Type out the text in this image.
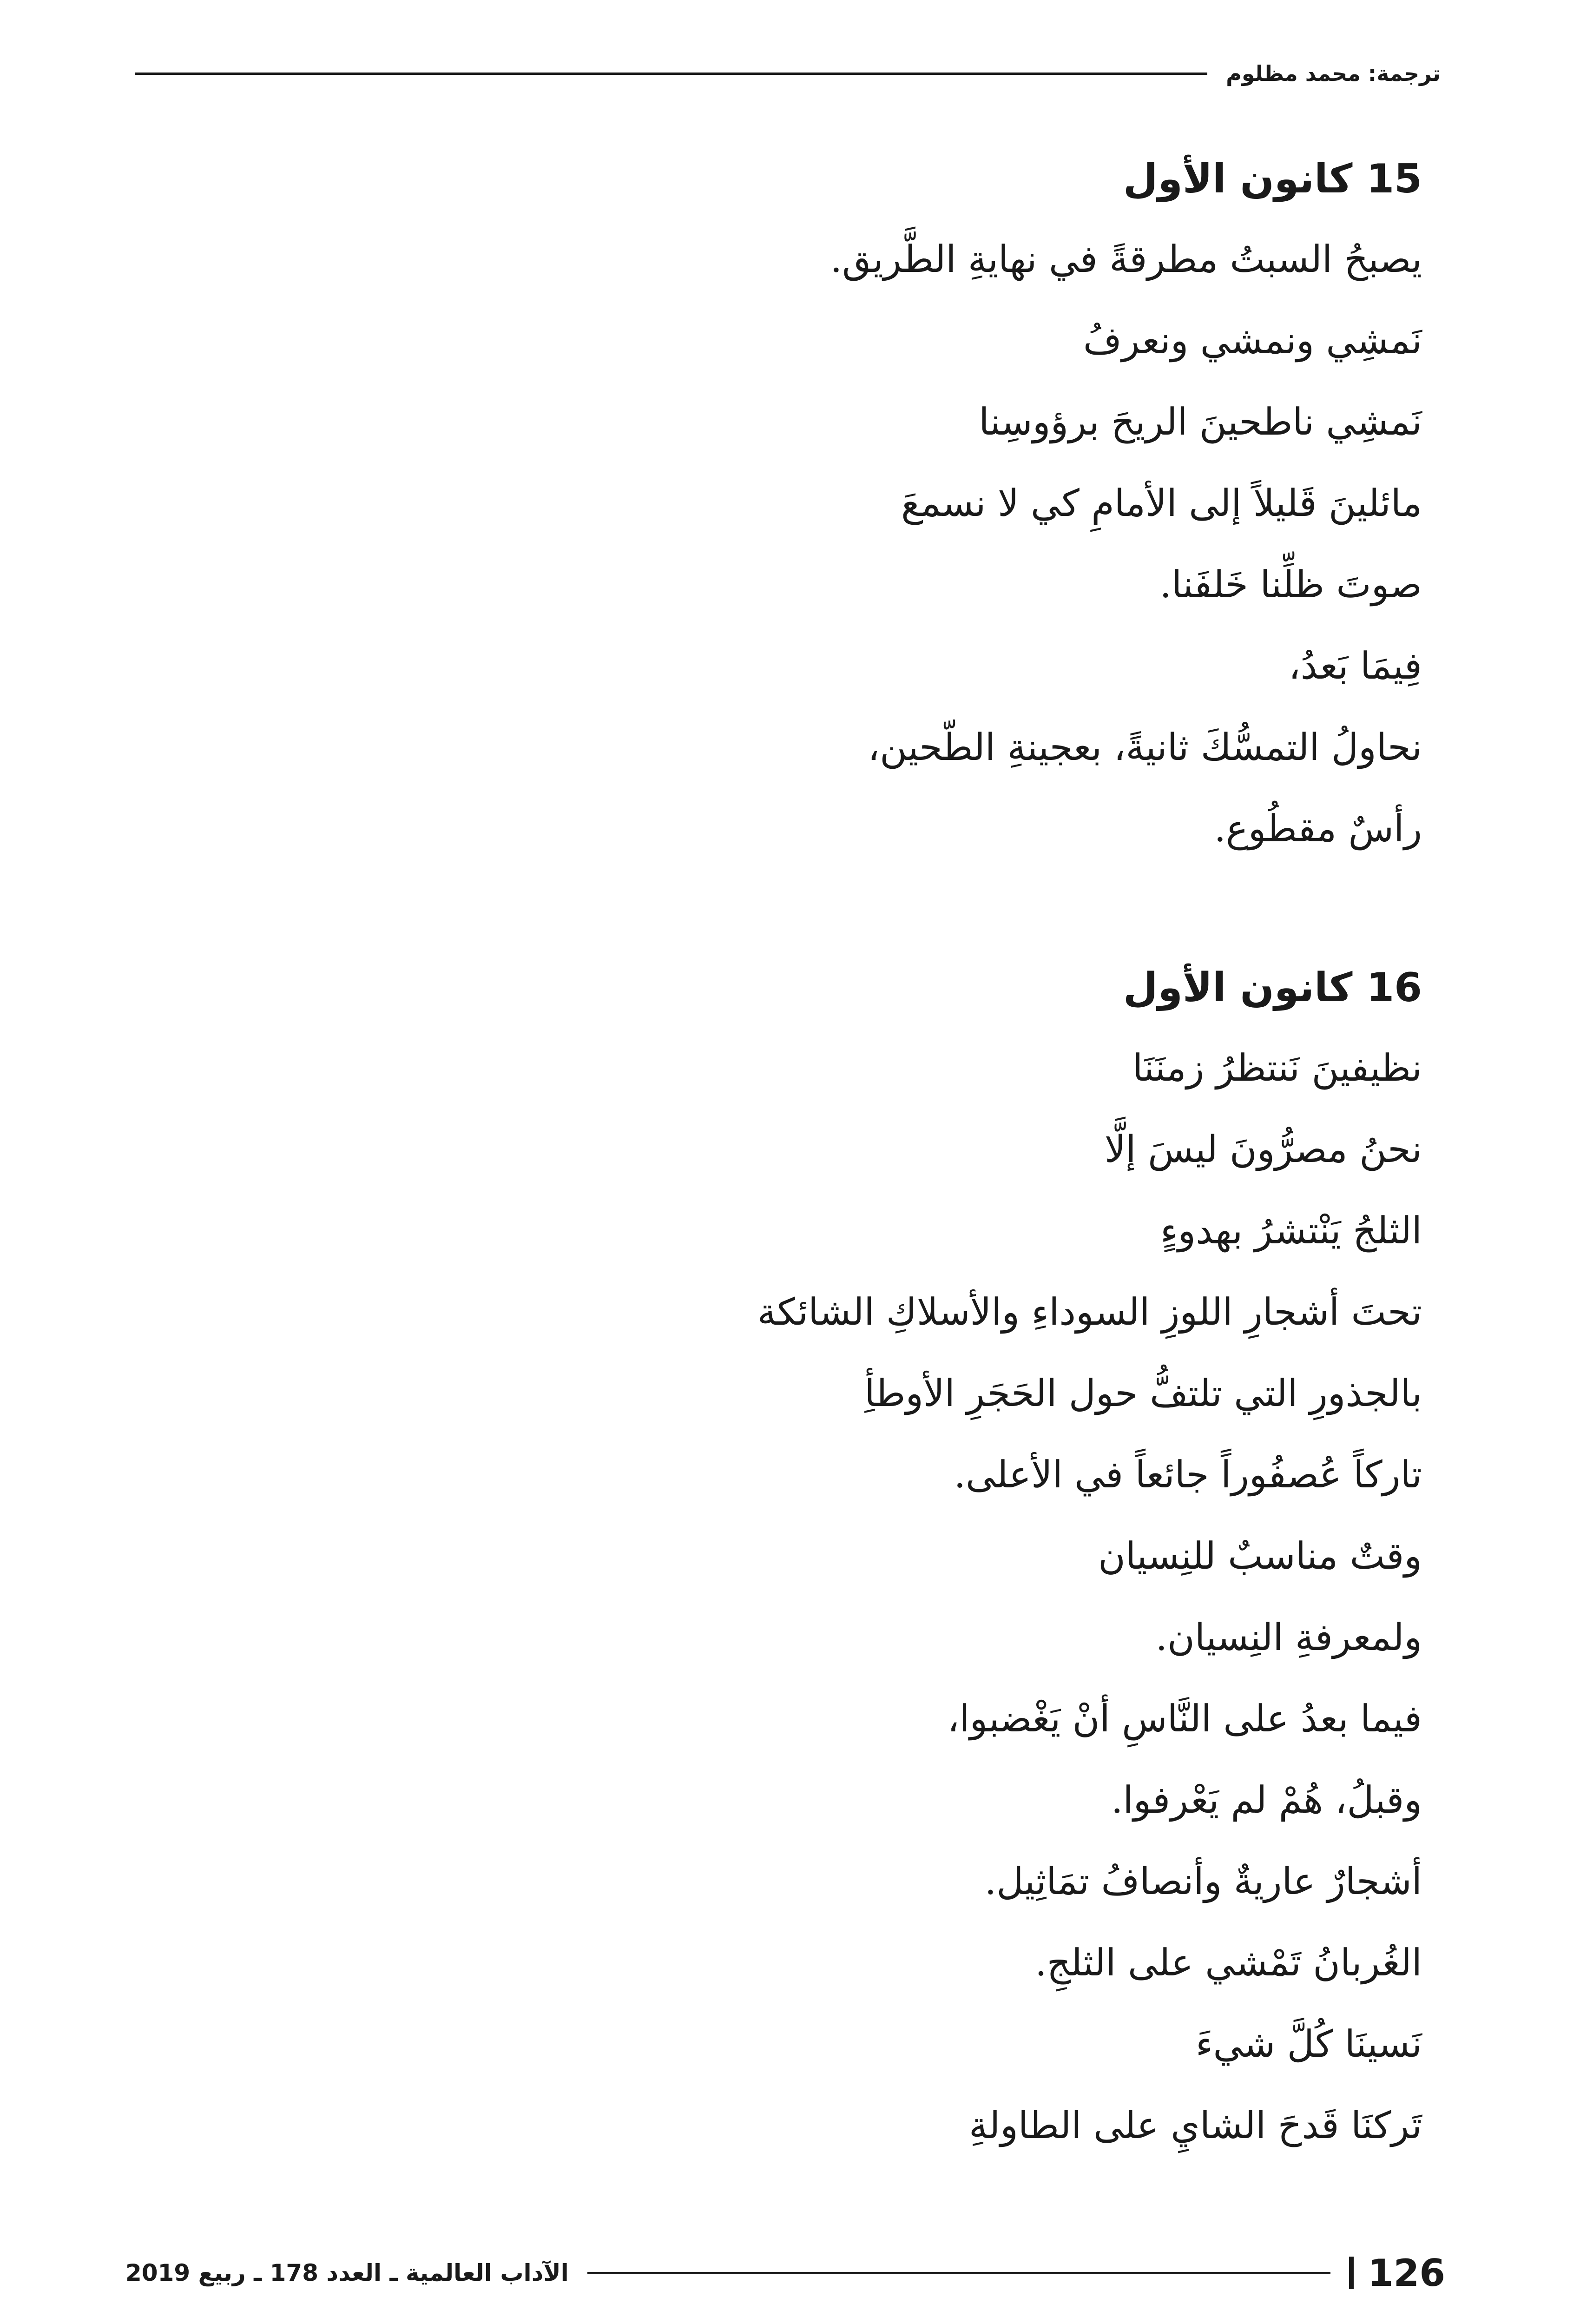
ترجمة: محمد مظلوم
15 كانون الأول
يصبحُ السبتُ مطرقةً في نهايةِ الطَّريق.
نَمشِي ونمشي ونعرفُ
نَمشِي ناطحينَ الريحَ برؤوسِنا
مائلينَ قَليلاً إلى الأمامِ كي لا نسمعَ
صوتَ ظلِّنا خَلفَنا.
فِيمَا بَعدُ،
نحاولُ التمسُّكَ ثانيةً، بعجينةِ الطّحين،
رأسٌ مقطُوع.
16 كانون الأول
نظيفينَ نَنتظرُ زمنَنَا
نحنُ مصرُّونَ ليسَ إلَّا
الثلجُ يَنْتشرُ بهدوءٍ
تحتَ أشجارِ اللوزِ السوداءِ والأسلاكِ الشائكة
بالجذورِ التي تلتفُّ حول الحَجَرِ الأوطأِ
تاركاً عُصفُوراً جائعاً في الأعلى.
وقتٌ مناسبٌ للنِسيان
ولمعرفةِ النِسيان.
فيما بعدُ على النَّاسِ أنْ يَغْضبوا،
وقبلُ، هُمْ لم يَعْرفوا.
أشجارٌ عاريةٌ وأنصافُ تمَاثِيل.
الغُربانُ تَمْشي على الثلجِ.
نَسينَا كُلَّ شيءَ
تَركنَا قَدحَ الشايِ على الطاولةِ
الآداب العالمية ـ العدد 178 ـ ربيع 2019	126
